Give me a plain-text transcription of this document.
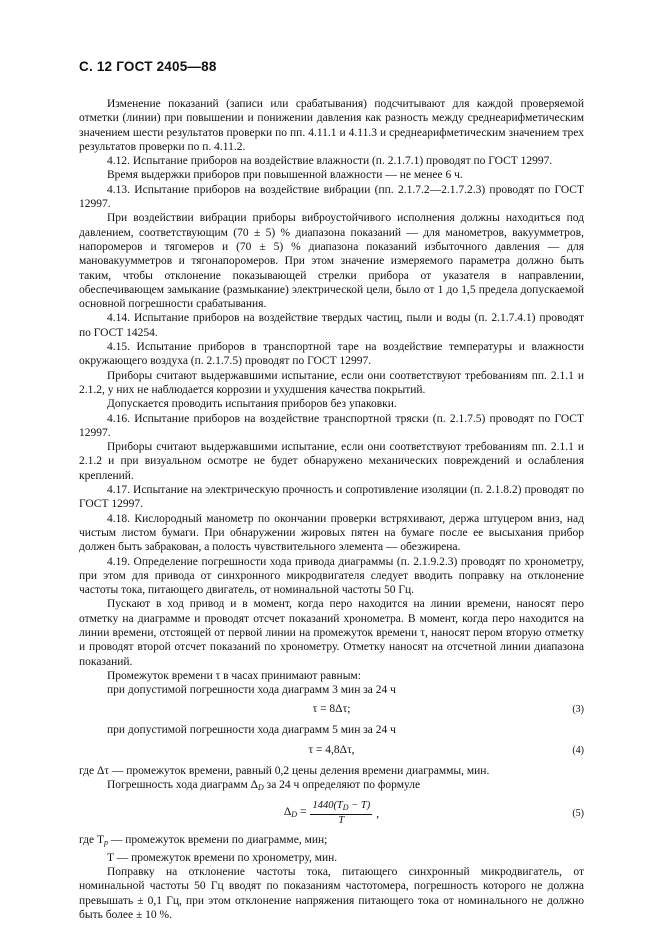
С. 12 ГОСТ 2405—88

Изменение показаний (записи или срабатывания) подсчитывают для каждой проверяемой отметки (линии) при повышении и понижении давления как разность между среднеарифметическим значением шести результатов проверки по пп. 4.11.1 и 4.11.3 и среднеарифметическим значением трех результатов проверки по п. 4.11.2.

4.12. Испытание приборов на воздействие влажности (п. 2.1.7.1) проводят по ГОСТ 12997.

Время выдержки приборов при повышенной влажности — не менее 6 ч.

4.13. Испытание приборов на воздействие вибрации (пп. 2.1.7.2—2.1.7.2.3) проводят по ГОСТ 12997.

При воздействии вибрации приборы виброустойчивого исполнения должны находиться под давлением, соответствующим (70 ± 5) % диапазона показаний — для манометров, вакуумметров, напоромеров и тягомеров и (70 ± 5) % диапазона показаний избыточного давления — для мановакуумметров и тягонапоромеров. При этом значение измеряемого параметра должно быть таким, чтобы отклонение показывающей стрелки прибора от указателя в направлении, обеспечивающем замыкание (размыкание) электрической цели, было от 1 до 1,5 предела допускаемой основной погрешности срабатывания.

4.14. Испытание приборов на воздействие твердых частиц, пыли и воды (п. 2.1.7.4.1) проводят по ГОСТ 14254.

4.15. Испытание приборов в транспортной таре на воздействие температуры и влажности окружающего воздуха (п. 2.1.7.5) проводят по ГОСТ 12997.

Приборы считают выдержавшими испытание, если они соответствуют требованиям пп. 2.1.1 и 2.1.2, у них не наблюдается коррозии и ухудшения качества покрытий.

Допускается проводить испытания приборов без упаковки.

4.16. Испытание приборов на воздействие транспортной тряски (п. 2.1.7.5) проводят по ГОСТ 12997.

Приборы считают выдержавшими испытание, если они соответствуют требованиям пп. 2.1.1 и 2.1.2 и при визуальном осмотре не будет обнаружено механических повреждений и ослабления креплений.

4.17. Испытание на электрическую прочность и сопротивление изоляции (п. 2.1.8.2) проводят по ГОСТ 12997.

4.18. Кислородный манометр по окончании проверки встряхивают, держа штуцером вниз, над чистым листом бумаги. При обнаружении жировых пятен на бумаге после ее высыхания прибор должен быть забракован, а полость чувствительного элемента — обезжирена.

4.19. Определение погрешности хода привода диаграммы (п. 2.1.9.2.3) проводят по хронометру, при этом для привода от синхронного микродвигателя следует вводить поправку на отклонение частоты тока, питающего двигатель, от номинальной частоты 50 Гц.

Пускают в ход привод и в момент, когда перо находится на линии времени, наносят перо отметку на диаграмме и проводят отсчет показаний хронометра. В момент, когда перо находится на линии времени, отстоящей от первой линии на промежуток времени τ, наносят пером вторую отметку и проводят второй отсчет показаний по хронометру. Отметку наносят на отсчетной линии диапазона показаний.

Промежуток времени τ в часах принимают равным:

при допустимой погрешности хода диаграмм 3 мин за 24 ч

τ = 8Δτ;	(3)

при допустимой погрешности хода диаграмм 5 мин за 24 ч

τ = 4,8Δτ,	(4)

где Δτ — промежуток времени, равный 0,2 цены деления времени диаграммы, мин.

Погрешность хода диаграмм $\Delta_D$ за 24 ч определяют по формуле

$\Delta_D = \frac{1440(T_D - T)}{T}$ ,	(5)

где $T_р$ — промежуток времени по диаграмме, мин;

T — промежуток времени по хронометру, мин.

Поправку на отклонение частоты тока, питающего синхронный микродвигатель, от номинальной частоты 50 Гц вводят по показаниям частотомера, погрешность которого не должна превышать ± 0,1 Гц, при этом отклонение напряжения питающего тока от номинального не должно быть более ± 10 %.
